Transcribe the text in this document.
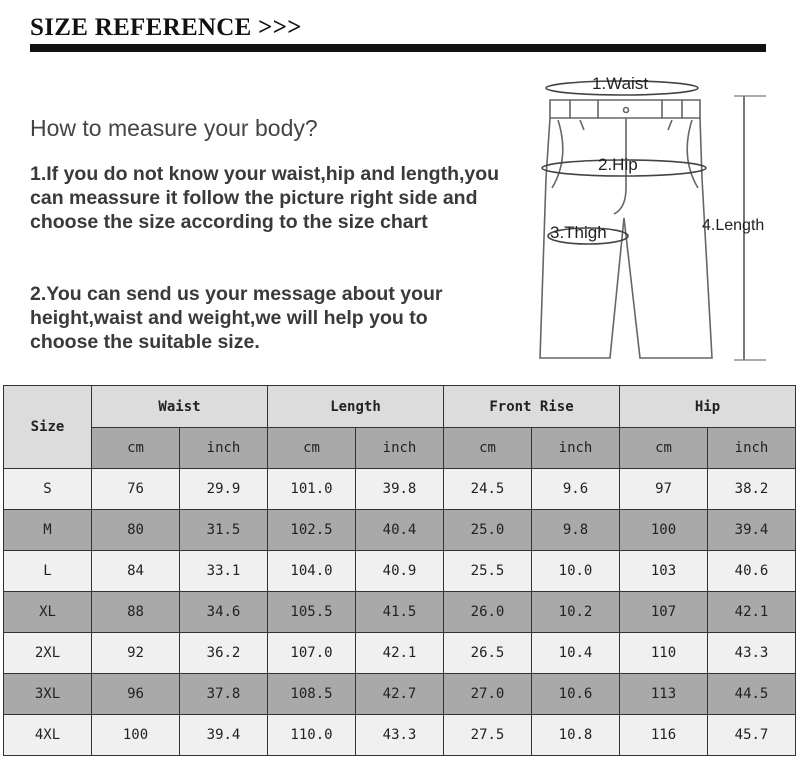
SIZE REFERENCE >>>
How to measure your body?
1.If you do not know your waist,hip and length,you can meassure it follow the picture right side and choose the size according to the size chart
2.You can send us your message about your height,waist and weight,we will help you to choose the suitable size.
1.Waist
2.Hip
3.Thigh	4.Length
Size	Waist		Length		Front Rise		Hip	
	cm	inch	cm	inch	cm	inch	cm	inch
S	76	29.9	101.0	39.8	24.5	9.6	97	38.2
M	80	31.5	102.5	40.4	25.0	9.8	100	39.4
L	84	33.1	104.0	40.9	25.5	10.0	103	40.6
XL	88	34.6	105.5	41.5	26.0	10.2	107	42.1
2XL	92	36.2	107.0	42.1	26.5	10.4	110	43.3
3XL	96	37.8	108.5	42.7	27.0	10.6	113	44.5
4XL	100	39.4	110.0	43.3	27.5	10.8	116	45.7
